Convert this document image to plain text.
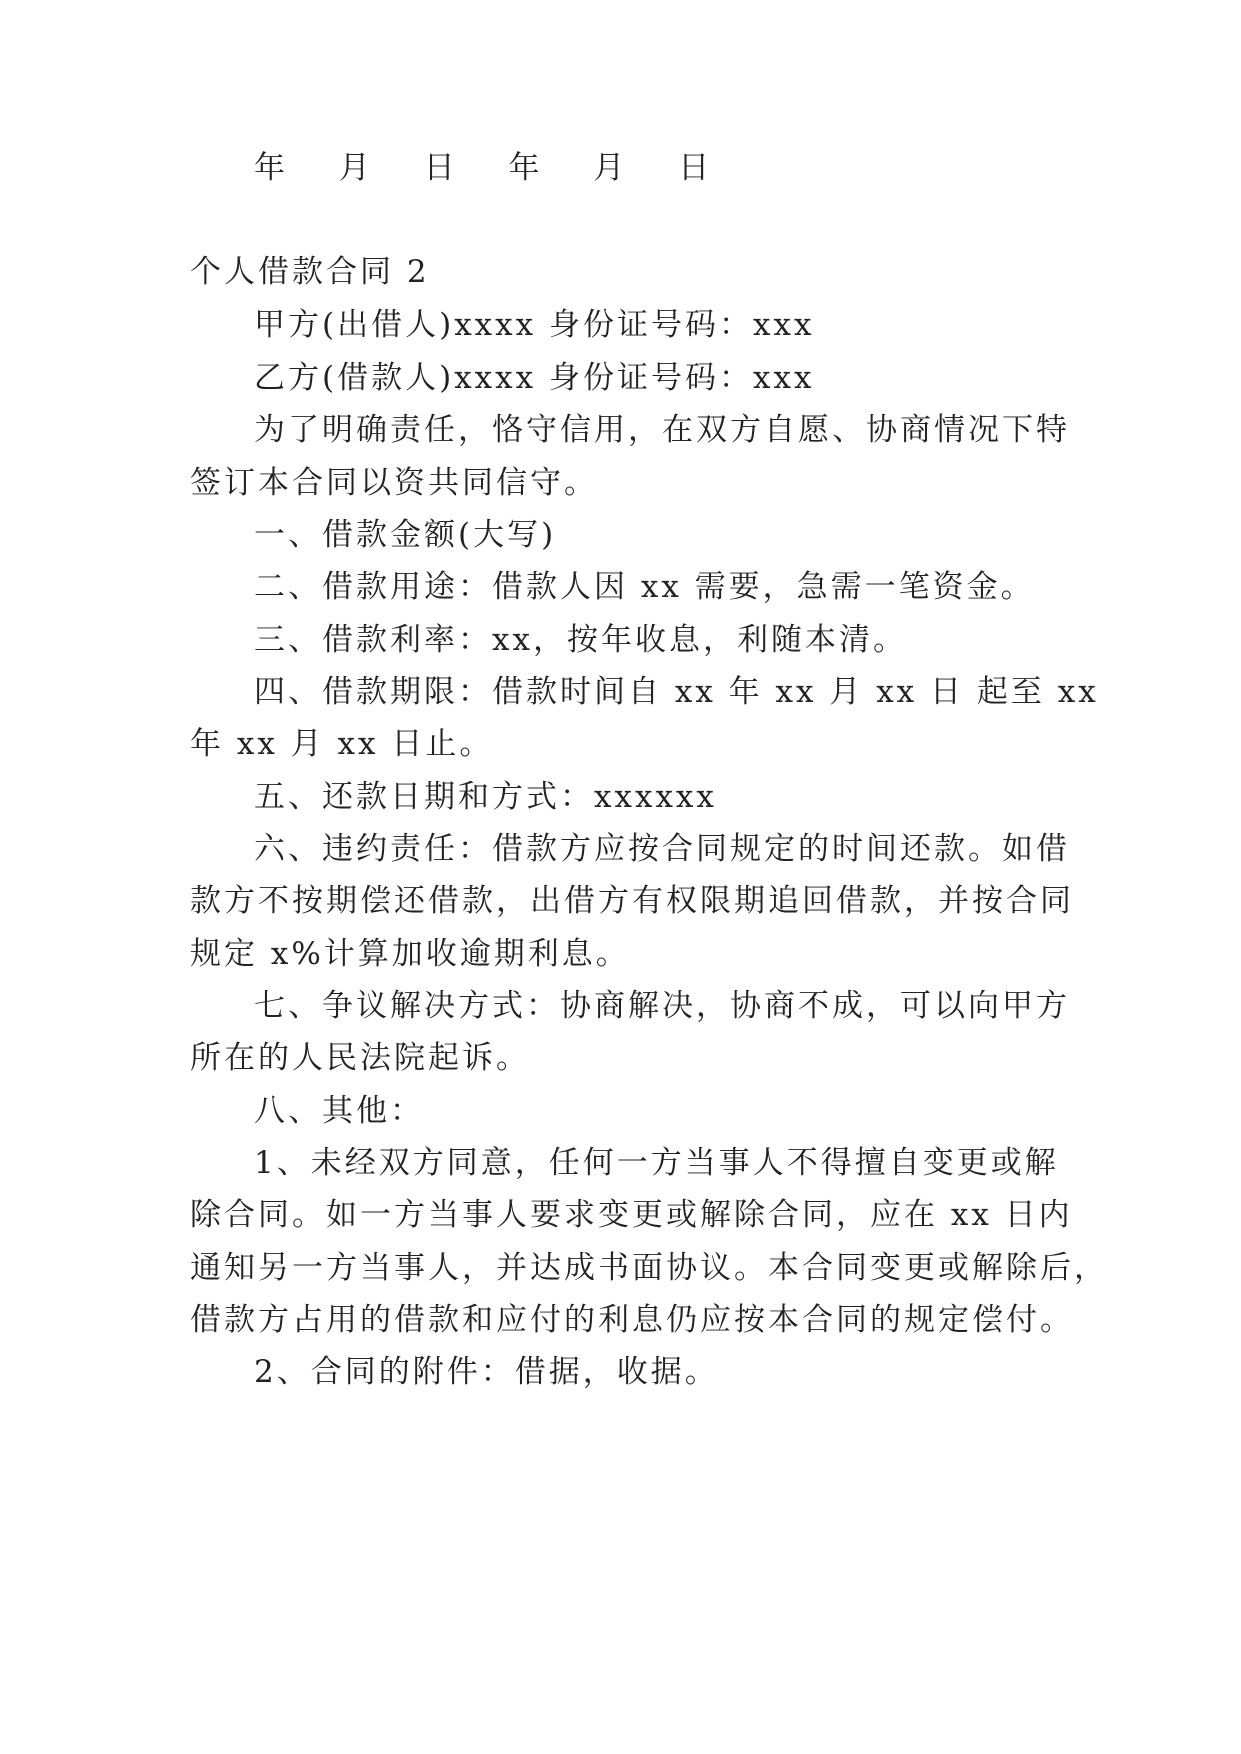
年 月 日 年 月 日
个人借款合同 2
甲方(出借人)xxxx 身份证号码：xxx
乙方(借款人)xxxx 身份证号码：xxx
为了明确责任，恪守信用，在双方自愿、协商情况下特
签订本合同以资共同信守。
一、借款金额(大写)
二、借款用途：借款人因 xx 需要，急需一笔资金。
三、借款利率：xx，按年收息，利随本清。
四、借款期限：借款时间自 xx 年 xx 月 xx 日 起至 xx
年 xx 月 xx 日止。
五、还款日期和方式：xxxxxx
六、违约责任：借款方应按合同规定的时间还款。如借
款方不按期偿还借款，出借方有权限期追回借款，并按合同
规定 x%计算加收逾期利息。
七、争议解决方式：协商解决，协商不成，可以向甲方
所在的人民法院起诉。
八、其他：
1、未经双方同意，任何一方当事人不得擅自变更或解
除合同。如一方当事人要求变更或解除合同，应在 xx 日内
通知另一方当事人，并达成书面协议。本合同变更或解除后，
借款方占用的借款和应付的利息仍应按本合同的规定偿付。
2、合同的附件：借据，收据。
